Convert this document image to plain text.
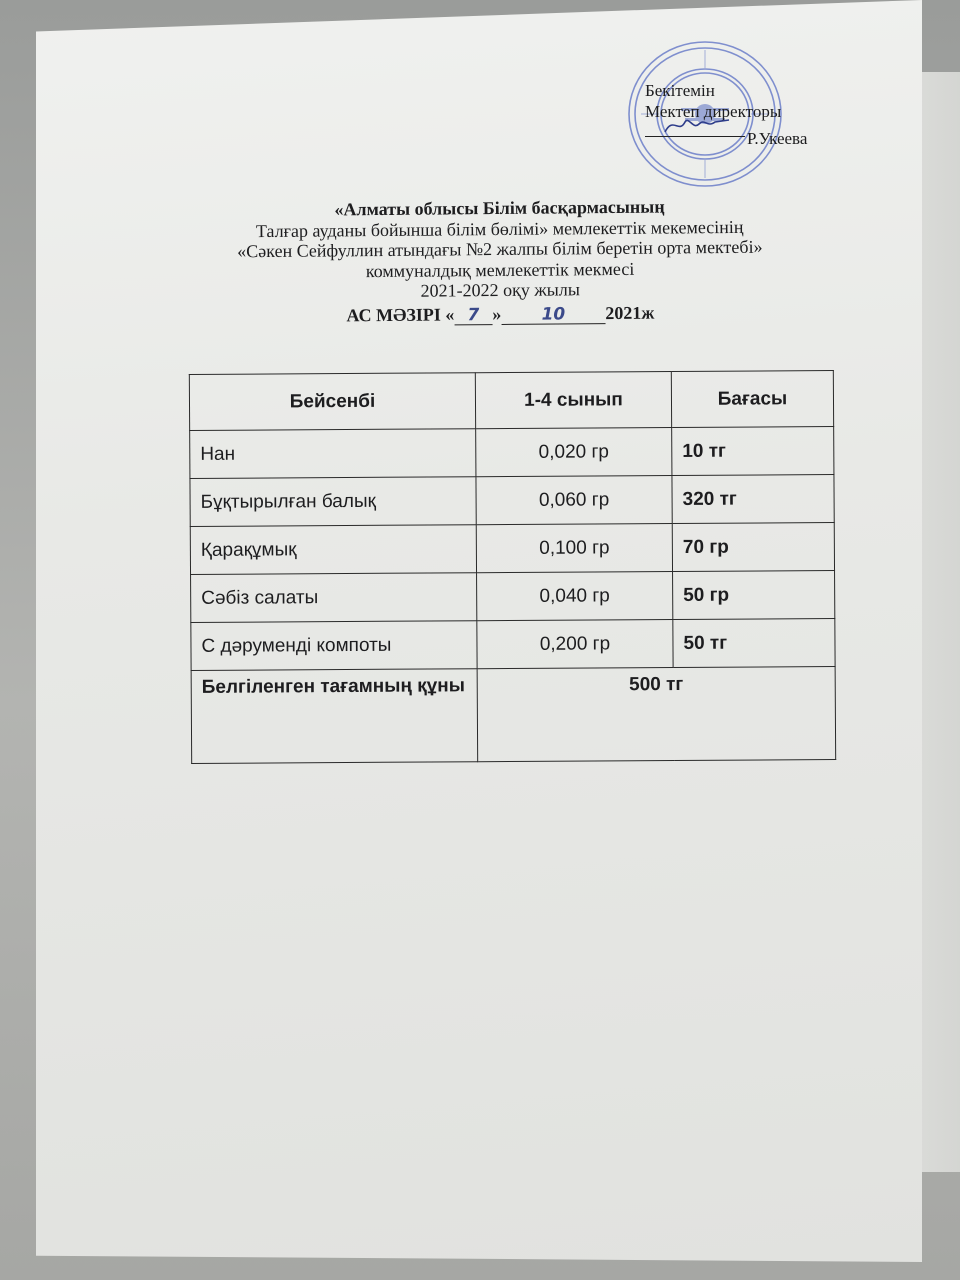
Бекітемін
Мектеп директоры
Р.Укеева
«Алматы облысы Білім басқармасының
Талғар ауданы бойынша білім бөлімі» мемлекеттік мекемесінің
«Сәкен Сейфуллин атындағы №2 жалпы білім беретін орта мектебі»
коммуналдық мемлекеттік мекмесі
2021-2022 оқу жылы
АС МӘЗІРІ « 7 » 10 2021ж
Бейсенбі	1-4 сынып	Бағасы
Нан	0,020 гр	10 тг
Бұқтырылған балық	0,060 гр	320 тг
Қарақұмық	0,100 гр	70 гр
Сәбіз салаты	0,040 гр	50 гр
С дәруменді компоты	0,200 гр	50 тг
Белгіленген тағамның құны	500 тг	
